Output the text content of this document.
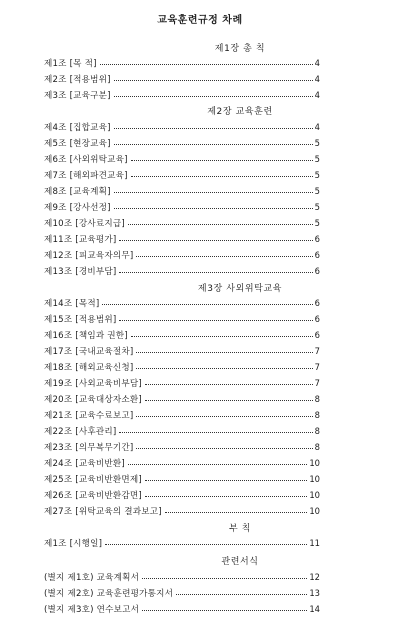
교육훈련규정 차례
제1장 총 칙
제1조 [목 적]	4
제2조 [적용범위]	4
제3조 [교육구분]	4
제2장 교육훈련
제4조 [집합교육]	4
제5조 [현장교육]	5
제6조 [사외위탁교육]	5
제7조 [해외파견교육]	5
제8조 [교육계획]	5
제9조 [강사선정]	5
제10조 [강사료지급]	5
제11조 [교육평가]	6
제12조 [피교육자의무]	6
제13조 [경비부담]	6
제3장 사외위탁교육
제14조 [목적]	6
제15조 [적용범위]	6
제16조 [책임과 권한]	6
제17조 [국내교육절차]	7
제18조 [해외교육신청]	7
제19조 [사외교육비부담]	7
제20조 [교육대상자소환]	8
제21조 [교육수료보고]	8
제22조 [사후관리]	8
제23조 [의무복무기간]	8
제24조 [교육비반환]	10
제25조 [교육비반환면제]	10
제26조 [교육비반환감면]	10
제27조 [위탁교육의 결과보고]	10
부 칙
제1조 [시행일]	11
관련서식
(별지 제1호) 교육계획서	12
(별지 제2호) 교육훈련평가통지서	13
(별지 제3호) 연수보고서	14
